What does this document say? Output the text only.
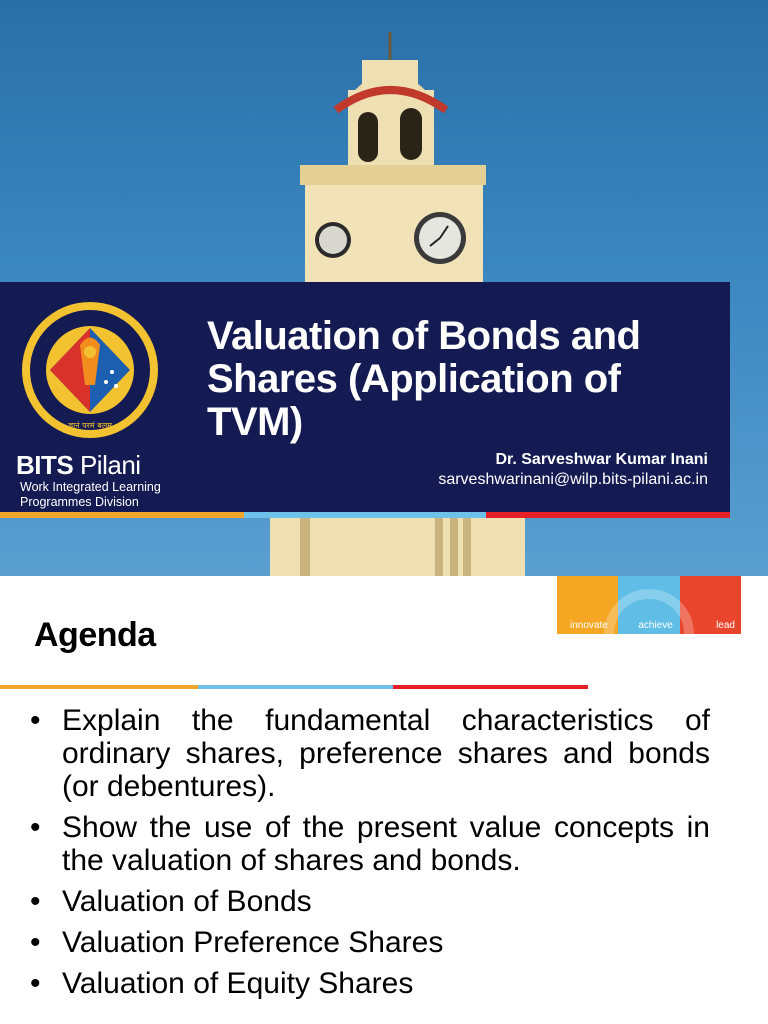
ज्ञानं परमं बलम्
BITS Pilani
Work Integrated Learning
Programmes Division
Valuation of Bonds and Shares (Application of TVM)
Dr. Sarveshwar Kumar Inani
sarveshwarinani@wilp.bits-pilani.ac.in
innovate	achieve	lead
Agenda
• Explain the fundamental characteristics of ordinary shares, preference shares and bonds (or debentures).
• Show the use of the present value concepts in the valuation of shares and bonds.
• Valuation of Bonds
• Valuation Preference Shares
• Valuation of Equity Shares
